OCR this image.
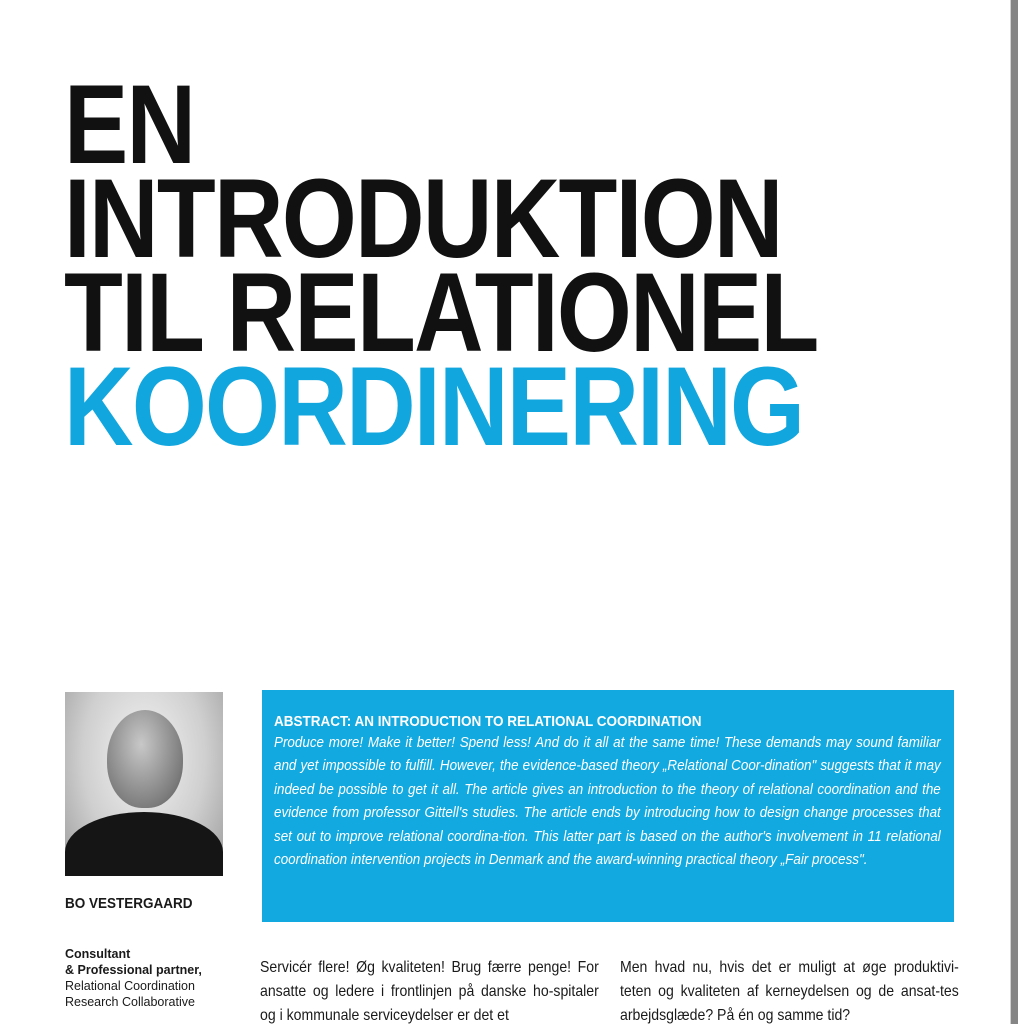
EN
INTRODUKTION
TIL RELATIONEL
KOORDINERING
BO VESTERGAARD
Consultant
& Professional partner,
Relational Coordination
Research Collaborative
ABSTRACT: AN INTRODUCTION TO RELATIONAL COORDINATION
Produce more! Make it better! Spend less! And do it all at the same time! These demands may sound familiar and yet impossible to fulfill. However, the evidence-based theory „Relational Coor-dination" suggests that it may indeed be possible to get it all. The article gives an introduction to the theory of relational coordination and the evidence from professor Gittell's studies. The article ends by introducing how to design change processes that set out to improve relational coordina-tion. This latter part is based on the author's involvement in 11 relational coordination intervention projects in Denmark and the award-winning practical theory „Fair process".

Servicér flere! Øg kvaliteten! Brug færre penge! For ansatte og ledere i frontlinjen på danske ho-spitaler og i kommunale serviceydelser er det et

Men hvad nu, hvis det er muligt at øge produktivi-teten og kvaliteten af kerneydelsen og de ansat-tes arbejdsglæde? På én og samme tid?
